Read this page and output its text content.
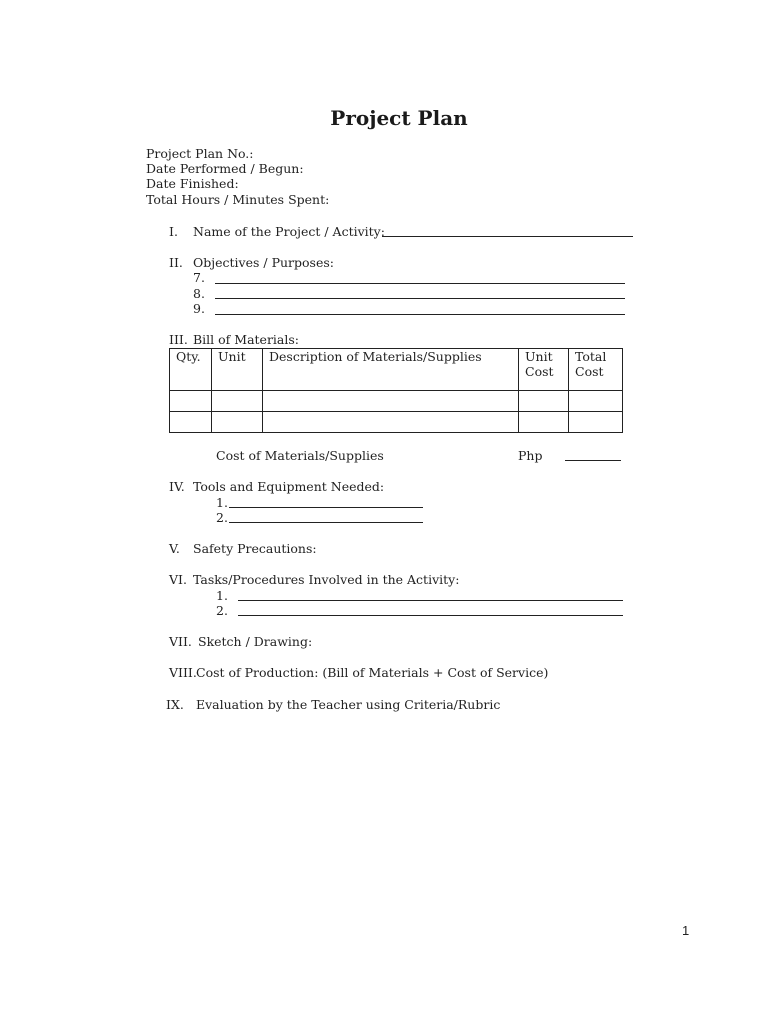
Project Plan
Project Plan No.:
Date Performed / Begun:
Date Finished:
Total Hours / Minutes Spent:
I. Name of the Project / Activity:
II. Objectives / Purposes:
7.
8.
9.
III. Bill of Materials:
Qty.	Unit	Description of Materials/Supplies	Unit Cost	Total Cost

Cost of Materials/Supplies	Php
IV. Tools and Equipment Needed:
1.
2.
V. Safety Precautions:
VI. Tasks/Procedures Involved in the Activity:
1.
2.
VII. Sketch / Drawing:
VIII. Cost of Production: (Bill of Materials + Cost of Service)
IX. Evaluation by the Teacher using Criteria/Rubric
1
